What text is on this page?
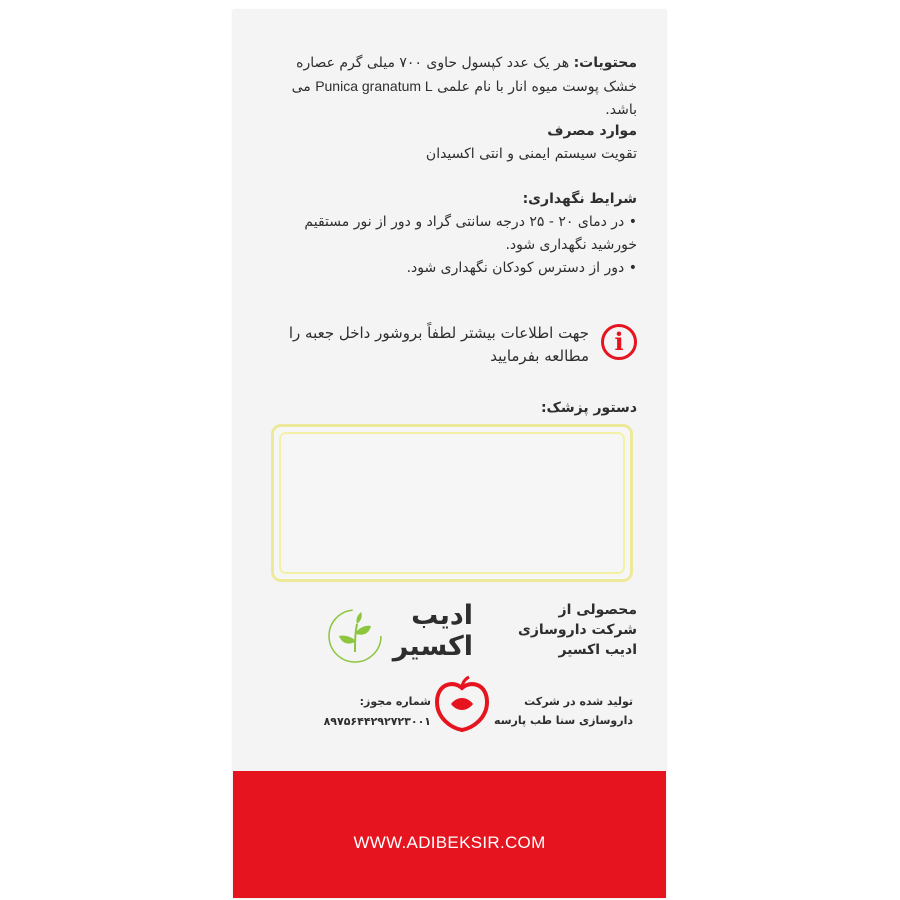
محتویات: هر یک عدد کپسول حاوی ۷۰۰ میلی گرم عصاره خشک پوست میوه انار با نام علمی Punica granatum L می باشد.
موارد مصرف
تقویت سیستم ایمنی و انتی اکسیدان
شرایط نگهداری:
• در دمای ۲۰ - ۲۵ درجه سانتی گراد و دور از نور مستقیم خورشید نگهداری شود.
• دور از دسترس کودکان نگهداری شود.
i
جهت اطلاعات بیشتر لطفاً بروشور داخل جعبه را مطالعه بفرمایید
دستور پزشک:
محصولی از
شرکت داروسازی
ادیب اکسیر
ادیب
اکسیر
تولید شده در شرکت
داروسازی سنا طب پارسه
شماره مجوز:
۸۹۷۵۶۴۴۲۹۲۷۲۳۰۰۱
WWW.ADIBEKSIR.COM
